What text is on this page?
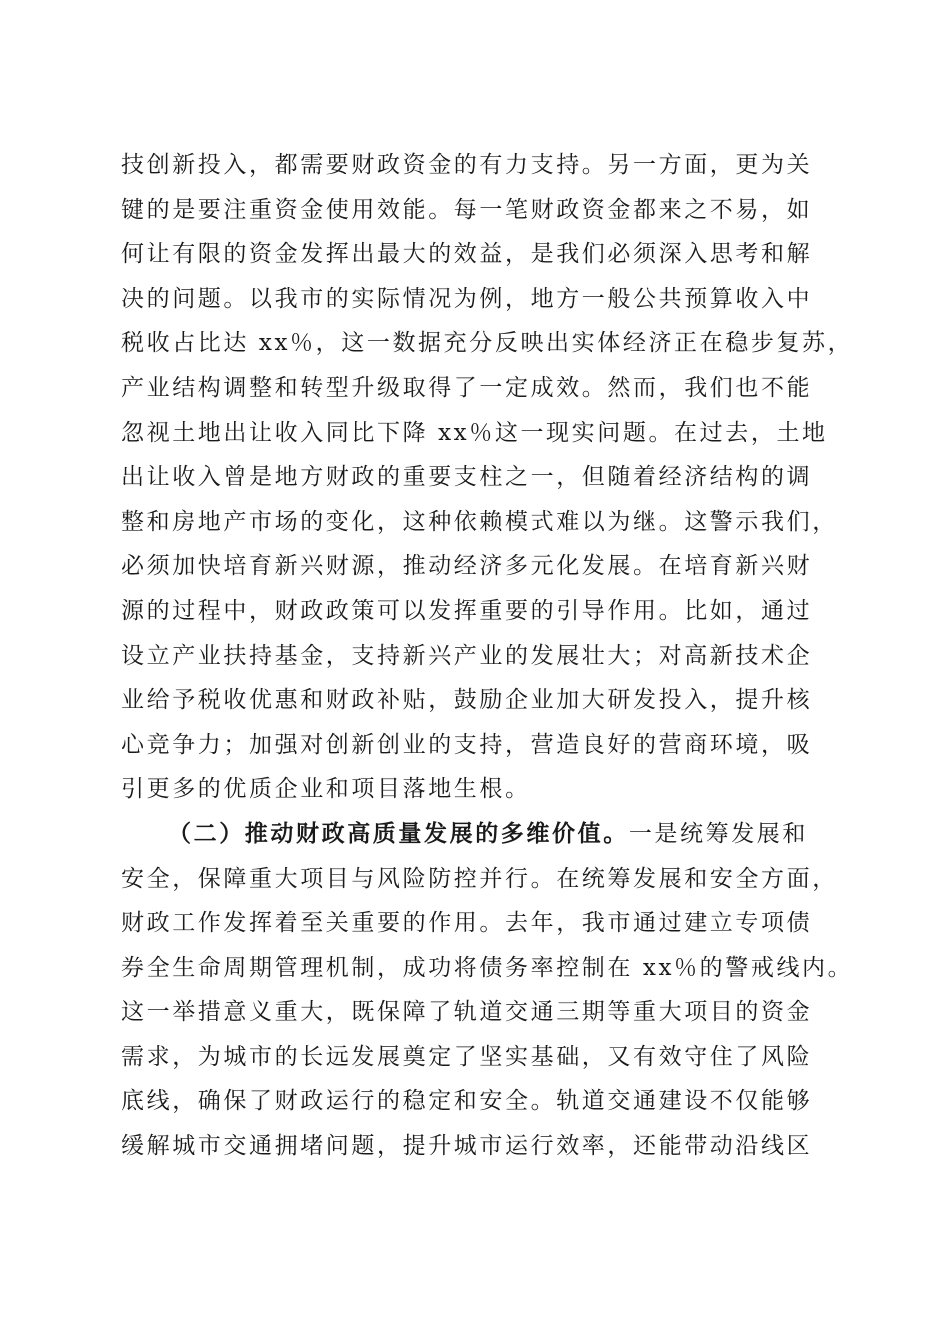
技创新投入，都需要财政资金的有力支持。另一方面，更为关
键的是要注重资金使用效能。每一笔财政资金都来之不易，如
何让有限的资金发挥出最大的效益，是我们必须深入思考和解
决的问题。以我市的实际情况为例，地方一般公共预算收入中
税收占比达 xx％，这一数据充分反映出实体经济正在稳步复苏，
产业结构调整和转型升级取得了一定成效。然而，我们也不能
忽视土地出让收入同比下降 xx％这一现实问题。在过去，土地
出让收入曾是地方财政的重要支柱之一，但随着经济结构的调
整和房地产市场的变化，这种依赖模式难以为继。这警示我们，
必须加快培育新兴财源，推动经济多元化发展。在培育新兴财
源的过程中，财政政策可以发挥重要的引导作用。比如，通过
设立产业扶持基金，支持新兴产业的发展壮大；对高新技术企
业给予税收优惠和财政补贴，鼓励企业加大研发投入，提升核
心竞争力；加强对创新创业的支持，营造良好的营商环境，吸
引更多的优质企业和项目落地生根。
（二）推动财政高质量发展的多维价值。一是统筹发展和
安全，保障重大项目与风险防控并行。在统筹发展和安全方面，
财政工作发挥着至关重要的作用。去年，我市通过建立专项债
券全生命周期管理机制，成功将债务率控制在 xx％的警戒线内。
这一举措意义重大，既保障了轨道交通三期等重大项目的资金
需求，为城市的长远发展奠定了坚实基础，又有效守住了风险
底线，确保了财政运行的稳定和安全。轨道交通建设不仅能够
缓解城市交通拥堵问题，提升城市运行效率，还能带动沿线区
